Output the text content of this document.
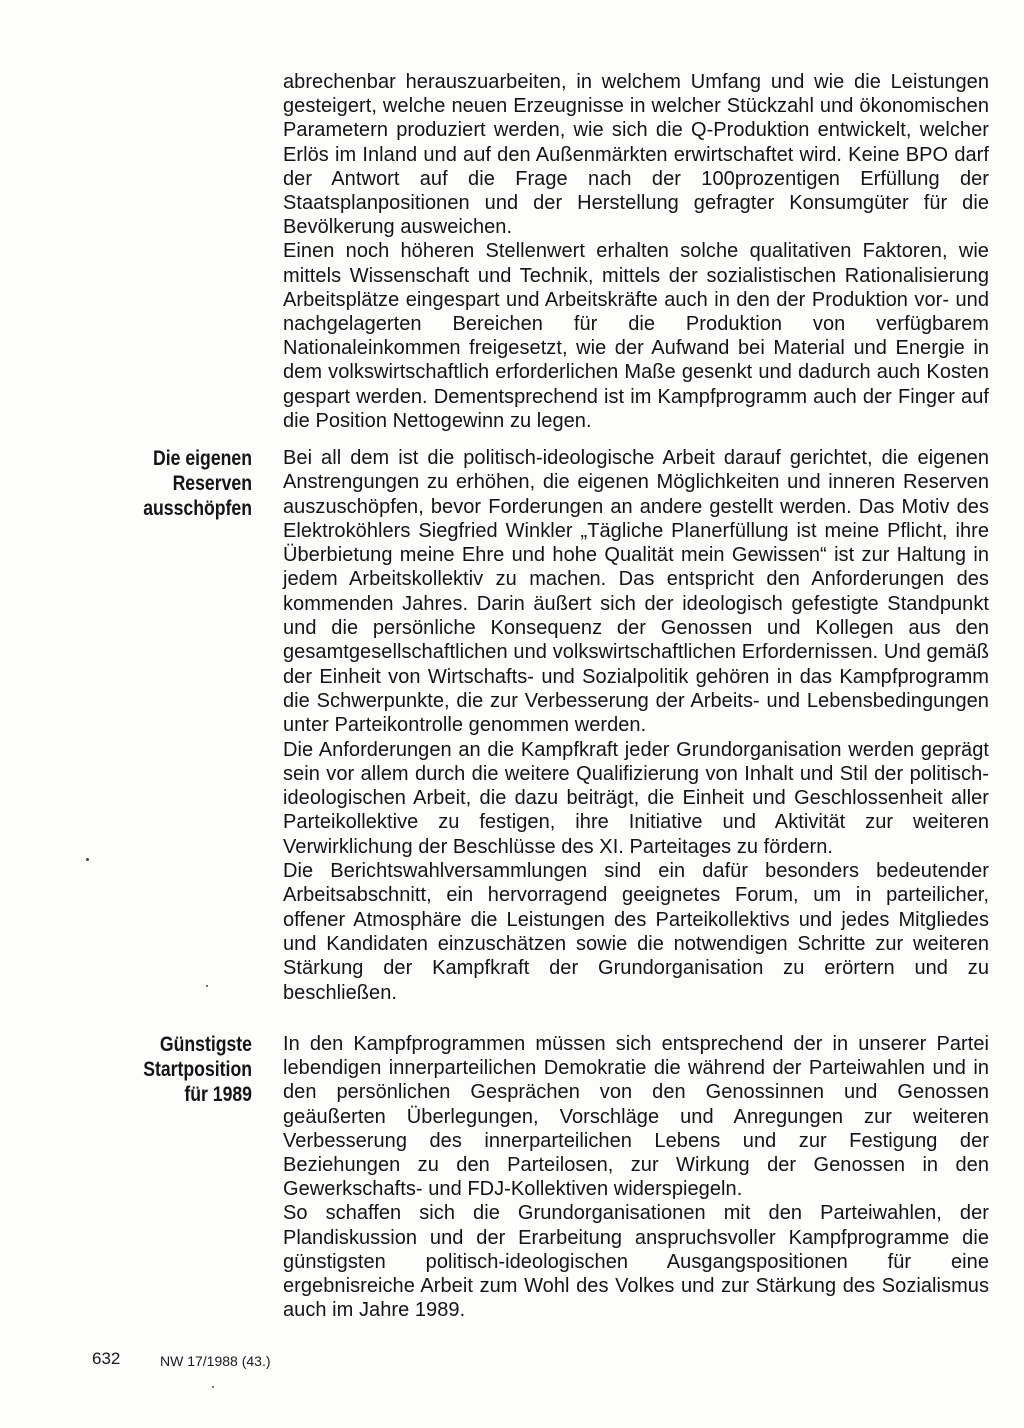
abrechenbar herauszuarbeiten, in welchem Umfang und wie die Leistungen gesteigert, welche neuen Erzeugnisse in welcher Stückzahl und ökonomischen Parametern produziert werden, wie sich die Q-Produktion entwickelt, welcher Erlös im Inland und auf den Außenmärkten erwirtschaftet wird. Keine BPO darf der Antwort auf die Frage nach der 100prozentigen Erfüllung der Staatsplanpositionen und der Herstellung gefragter Konsumgüter für die Bevölkerung ausweichen.

Einen noch höheren Stellenwert erhalten solche qualitativen Faktoren, wie mittels Wissenschaft und Technik, mittels der sozialistischen Rationalisierung Arbeitsplätze eingespart und Arbeitskräfte auch in den der Produktion vor- und nachgelagerten Bereichen für die Produktion von verfügbarem Nationaleinkommen freigesetzt, wie der Aufwand bei Material und Energie in dem volkswirtschaftlich erforderlichen Maße gesenkt und dadurch auch Kosten gespart werden. Dementsprechend ist im Kampfprogramm auch der Finger auf die Position Nettogewinn zu legen.

Die eigenen
Reserven
ausschöpfen

Bei all dem ist die politisch-ideologische Arbeit darauf gerichtet, die eigenen Anstrengungen zu erhöhen, die eigenen Möglichkeiten und inneren Reserven auszuschöpfen, bevor Forderungen an andere gestellt werden. Das Motiv des Elektroköhlers Siegfried Winkler „Tägliche Planerfüllung ist meine Pflicht, ihre Überbietung meine Ehre und hohe Qualität mein Gewissen“ ist zur Haltung in jedem Arbeitskollektiv zu machen. Das entspricht den Anforderungen des kommenden Jahres. Darin äußert sich der ideologisch gefestigte Standpunkt und die persönliche Konsequenz der Genossen und Kollegen aus den gesamtgesellschaftlichen und volkswirtschaftlichen Erfordernissen. Und gemäß der Einheit von Wirtschafts- und Sozialpolitik gehören in das Kampfprogramm die Schwerpunkte, die zur Verbesserung der Arbeits- und Lebensbedingungen unter Parteikontrolle genommen werden.

Die Anforderungen an die Kampfkraft jeder Grundorganisation werden geprägt sein vor allem durch die weitere Qualifizierung von Inhalt und Stil der politisch-ideologischen Arbeit, die dazu beiträgt, die Einheit und Geschlossenheit aller Parteikollektive zu festigen, ihre Initiative und Aktivität zur weiteren Verwirklichung der Beschlüsse des XI. Parteitages zu fördern.

Die Berichtswahlversammlungen sind ein dafür besonders bedeutender Arbeitsabschnitt, ein hervorragend geeignetes Forum, um in parteilicher, offener Atmosphäre die Leistungen des Parteikollektivs und jedes Mitgliedes und Kandidaten einzuschätzen sowie die notwendigen Schritte zur weiteren Stärkung der Kampfkraft der Grundorganisation zu erörtern und zu beschließen.

Günstigste
Startposition
für 1989

In den Kampfprogrammen müssen sich entsprechend der in unserer Partei lebendigen innerparteilichen Demokratie die während der Parteiwahlen und in den persönlichen Gesprächen von den Genossinnen und Genossen geäußerten Überlegungen, Vorschläge und Anregungen zur weiteren Verbesserung des innerparteilichen Lebens und zur Festigung der Beziehungen zu den Parteilosen, zur Wirkung der Genossen in den Gewerkschafts- und FDJ-Kollektiven widerspiegeln.

So schaffen sich die Grundorganisationen mit den Parteiwahlen, der Plandiskussion und der Erarbeitung anspruchsvoller Kampfprogramme die günstigsten politisch-ideologischen Ausgangspositionen für eine ergebnisreiche Arbeit zum Wohl des Volkes und zur Stärkung des Sozialismus auch im Jahre 1989.

632	NW 17/1988 (43.)
